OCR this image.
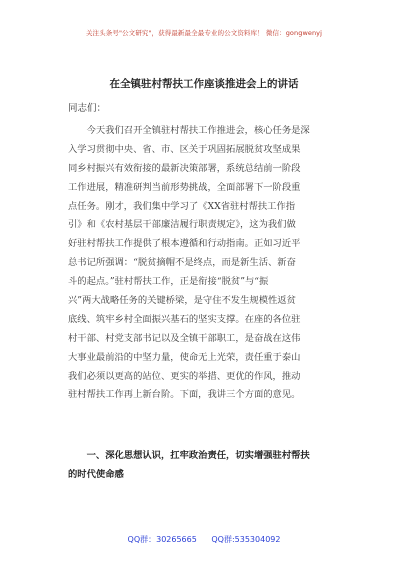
关注头条号"公文研究"，获得最新最全最专业的公文资料库！ 微信：gongwenyj
在全镇驻村帮扶工作座谈推进会上的讲话
同志们：
　　今天我们召开全镇驻村帮扶工作推进会，核心任务是深
入学习贯彻中央、省、市、区关于巩固拓展脱贫攻坚成果
同乡村振兴有效衔接的最新决策部署，系统总结前一阶段
工作进展，精准研判当前形势挑战，全面部署下一阶段重
点任务。刚才，我们集中学习了《XX省驻村帮扶工作指
引》和《农村基层干部廉洁履行职责规定》，这为我们做
好驻村帮扶工作提供了根本遵循和行动指南。正如习近平
总书记所强调：“脱贫摘帽不是终点，而是新生活、新奋
斗的起点。”驻村帮扶工作，正是衔接“脱贫”与“振
兴”两大战略任务的关键桥梁，是守住不发生规模性返贫
底线、筑牢乡村全面振兴基石的坚实支撑。在座的各位驻
村干部、村党支部书记以及全镇干部职工，是奋战在这伟
大事业最前沿的中坚力量，使命无上光荣，责任重于泰山
我们必须以更高的站位、更实的举措、更优的作风，推动
驻村帮扶工作再上新台阶。下面，我讲三个方面的意见。
　　一、深化思想认识，扛牢政治责任，切实增强驻村帮扶
的时代使命感
QQ群：30265665 QQ群:535304092
